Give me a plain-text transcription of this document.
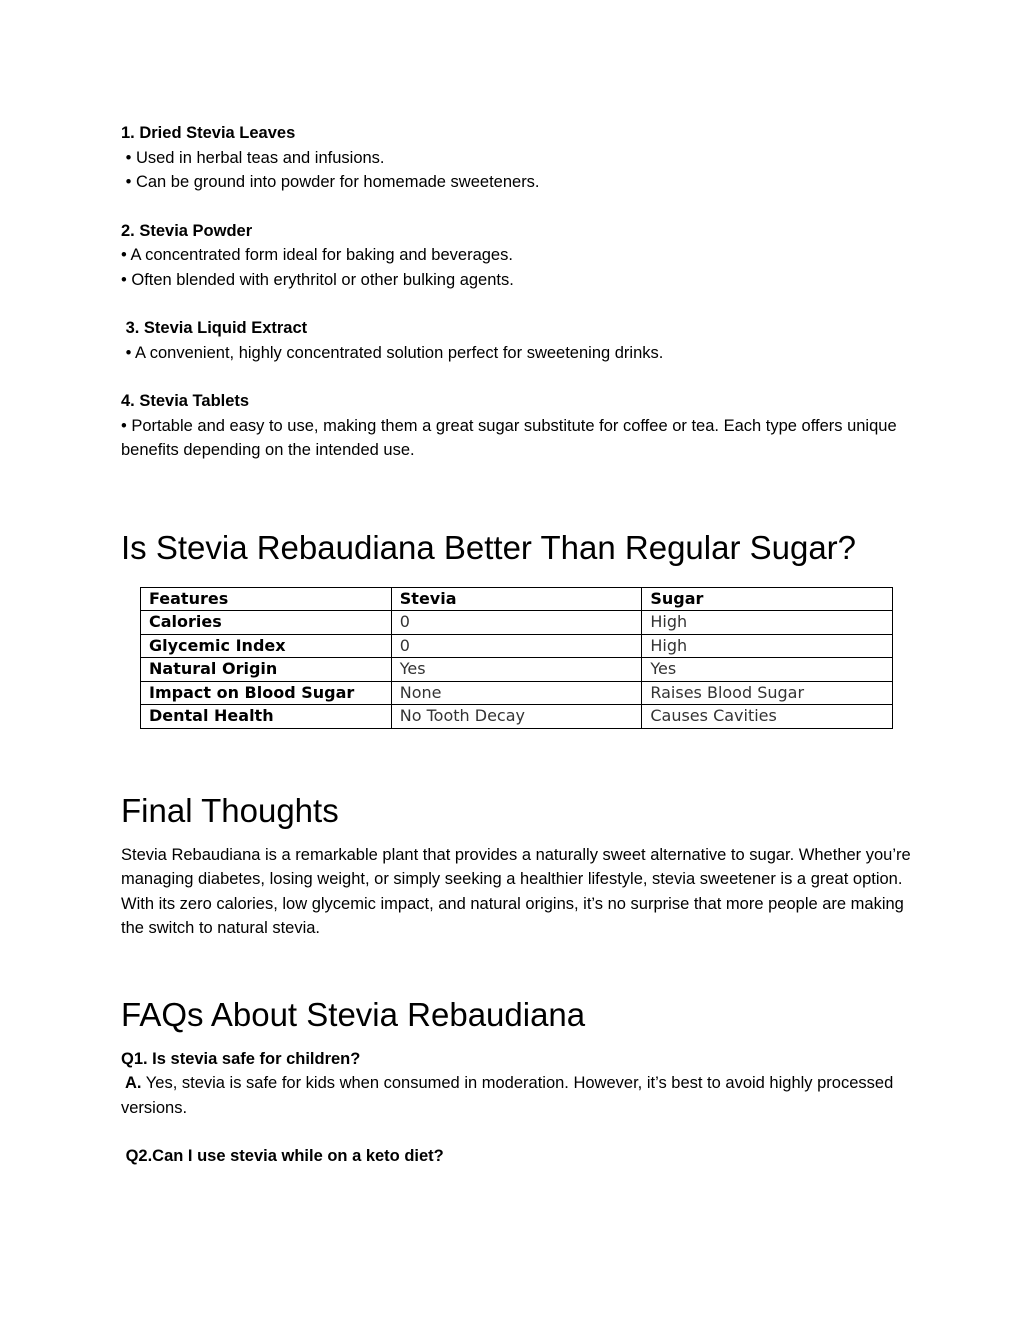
1. Dried Stevia Leaves

• Used in herbal teas and infusions.

• Can be ground into powder for homemade sweeteners.

2. Stevia Powder

• A concentrated form ideal for baking and beverages.

• Often blended with erythritol or other bulking agents.

3. Stevia Liquid Extract

• A convenient, highly concentrated solution perfect for sweetening drinks.

4. Stevia Tablets

• Portable and easy to use, making them a great sugar substitute for coffee or tea. Each type offers unique benefits depending on the intended use.

Is Stevia Rebaudiana Better Than Regular Sugar?
Features	Stevia	Sugar
Calories	0	High
Glycemic Index	0	High
Natural Origin	Yes	Yes
Impact on Blood Sugar	None	Raises Blood Sugar
Dental Health	No Tooth Decay	Causes Cavities
Final Thoughts

Stevia Rebaudiana is a remarkable plant that provides a naturally sweet alternative to sugar. Whether you’re managing diabetes, losing weight, or simply seeking a healthier lifestyle, stevia sweetener is a great option. With its zero calories, low glycemic impact, and natural origins, it’s no surprise that more people are making the switch to natural stevia.

FAQs About Stevia Rebaudiana

Q1. Is stevia safe for children?

A. Yes, stevia is safe for kids when consumed in moderation. However, it’s best to avoid highly processed versions.

Q2.Can I use stevia while on a keto diet?
